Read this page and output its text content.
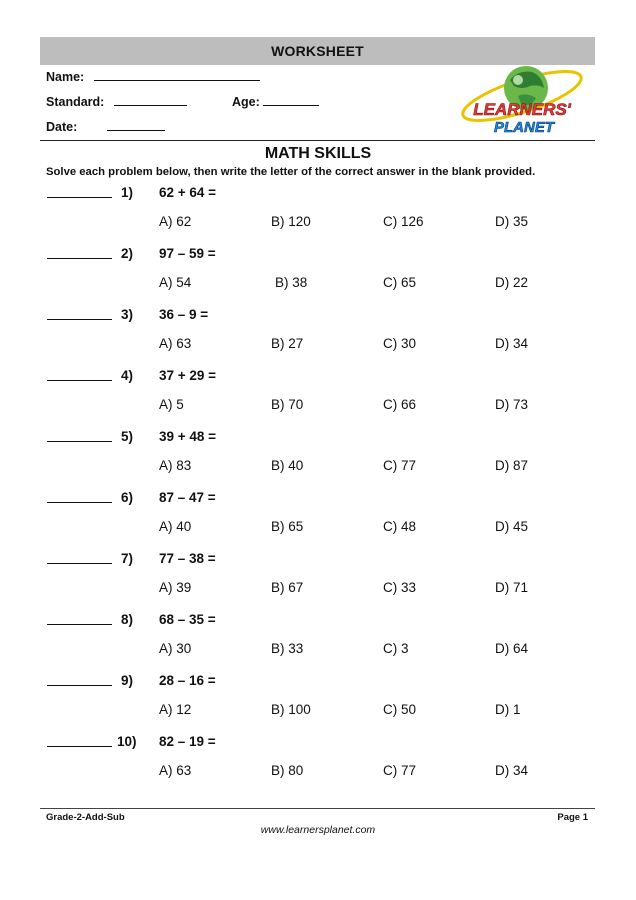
WORKSHEET
Name:
Standard:	Age:
Date:
LEARNERS'
PLANET
MATH SKILLS
Solve each problem below, then write the letter of the correct answer in the blank provided.
1) 62 + 64 =
A) 62	B) 120	C) 126	D) 35
2) 97 – 59 =
A) 54	B) 38	C) 65	D) 22
3) 36 – 9 =
A) 63	B) 27	C) 30	D) 34
4) 37 + 29 =
A) 5	B) 70	C) 66	D) 73
5) 39 + 48 =
A) 83	B) 40	C) 77	D) 87
6) 87 – 47 =
A) 40	B) 65	C) 48	D) 45
7) 77 – 38 =
A) 39	B) 67	C) 33	D) 71
8) 68 – 35 =
A) 30	B) 33	C) 3	D) 64
9) 28 – 16 =
A) 12	B) 100	C) 50	D) 1
10) 82 – 19 =
A) 63	B) 80	C) 77	D) 34
Grade-2-Add-Sub	Page 1
www.learnersplanet.com
